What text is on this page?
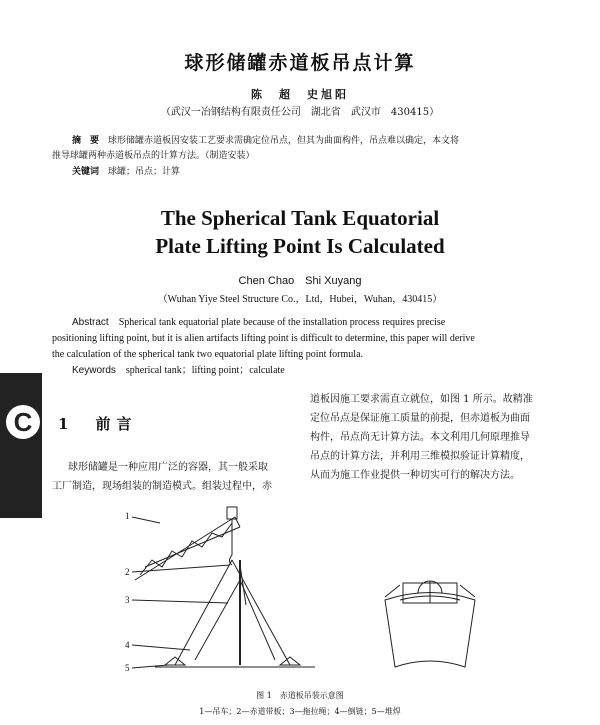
球形储罐赤道板吊点计算
陈　超　史旭阳
（武汉一冶钢结构有限责任公司　湖北省　武汉市　430415）
摘　要　 球形储罐赤道板因安装工艺要求需确定位吊点，但其为曲面构件，吊点难以确定，本文将
推导球罐两种赤道板吊点的计算方法。（制造安装）
关键词　 球罐；吊点；计算
The Spherical Tank Equatorial
Plate Lifting Point Is Calculated
Chen Chao　Shi Xuyang
（Wuhan Yiye Steel Structure Co.，Ltd，Hubei，Wuhan，430415）
Abstract　 Spherical tank equatorial plate because of the installation process requires precise
positioning lifting point, but it is alien artifacts lifting point is difficult to determine, this paper will derive
the calculation of the spherical tank two equatorial plate lifting point formula.
Keywords　 spherical tank；lifting point；calculate
C	1　 前言
球形储罐是一种应用广泛的容器，其一般采取
工厂制造，现场组装的制造模式。组装过程中，赤
道板因施工要求需直立就位，如图 1 所示。故精准
定位吊点是保证施工质量的前提，但赤道板为曲面
构件，吊点尚无计算方法。本文利用几何原理推导
吊点的计算方法，并利用三维模拟验证计算精度，
从而为施工作业提供一种切实可行的解决方法。
1
2
3
4
5
图 1　赤道板吊装示意图
1—吊车；2—赤道带板；3—拖拉绳；4—倒链；5—堆焊
